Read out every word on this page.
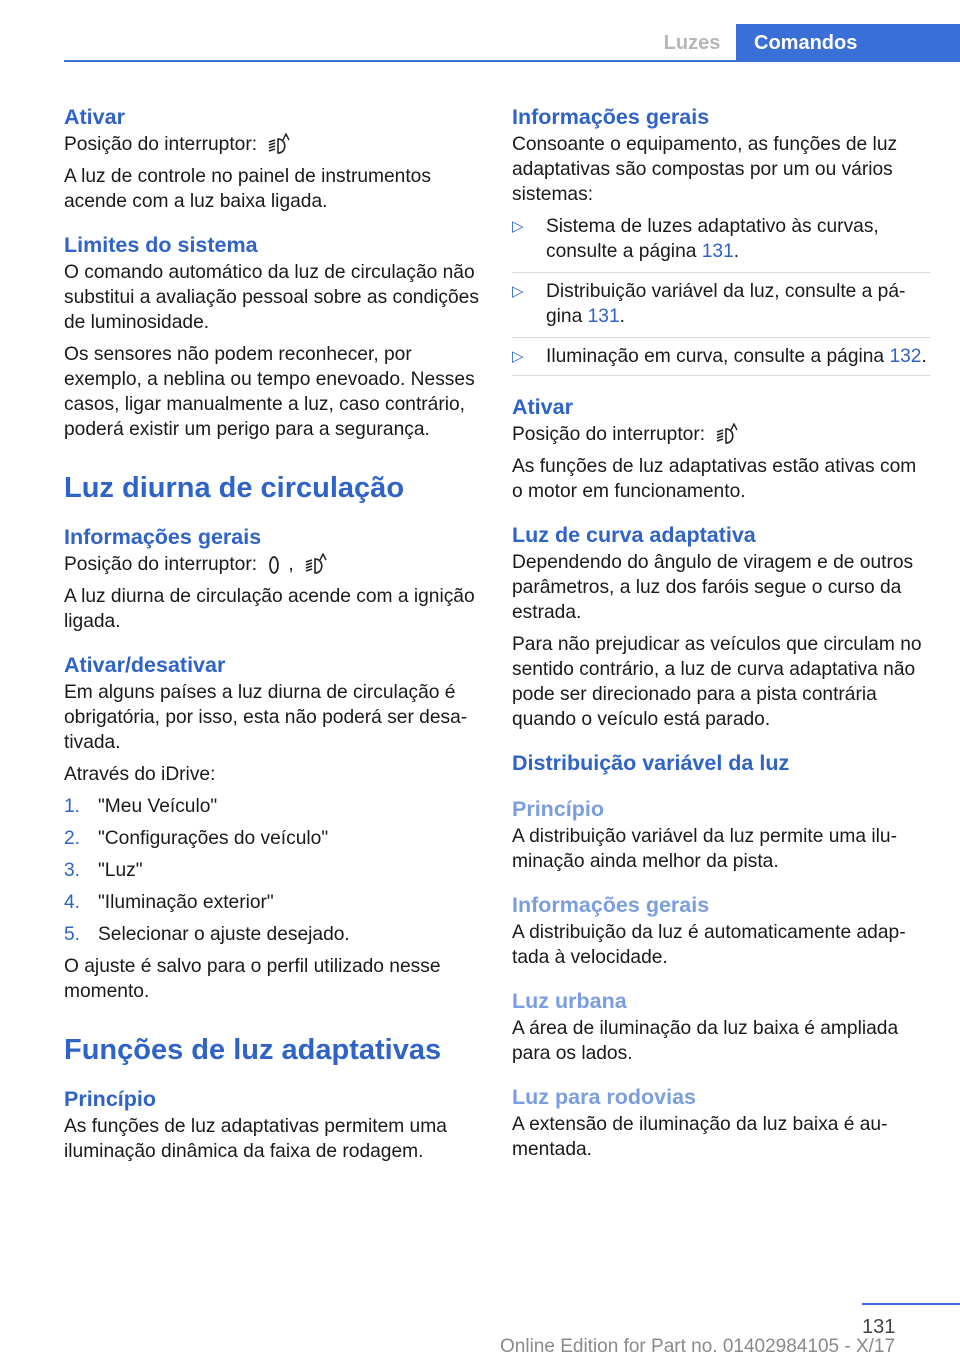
Luzes	Comandos

Ativar

Posição do interruptor:

A luz de controle no painel de instrumentos acende com a luz baixa ligada.

Limites do sistema

O comando automático da luz de circulação não substitui a avaliação pessoal sobre as condições de luminosidade.

Os sensores não podem reconhecer, por exemplo, a neblina ou tempo enevoado. Nesses casos, ligar manualmente a luz, caso contrário, poderá existir um perigo para a segurança.

Luz diurna de circulação

Informações gerais

Posição do interruptor: ,

A luz diurna de circulação acende com a ignição ligada.

Ativar/desativar

Em alguns países a luz diurna de circulação é obrigatória, por isso, esta não poderá ser desativada.

Através do iDrive:

1. "Meu Veículo"
2. "Configurações do veículo"
3. "Luz"
4. "Iluminação exterior"
5. Selecionar o ajuste desejado.

O ajuste é salvo para o perfil utilizado nesse momento.

Funções de luz adaptativas

Princípio

As funções de luz adaptativas permitem uma iluminação dinâmica da faixa de rodagem.

Informações gerais

Consoante o equipamento, as funções de luz adaptativas são compostas por um ou vários sistemas:

▷ Sistema de luzes adaptativo às curvas, consulte a página 131.
▷ Distribuição variável da luz, consulte a página 131.
▷ Iluminação em curva, consulte a página 132.

Ativar

Posição do interruptor:

As funções de luz adaptativas estão ativas com o motor em funcionamento.

Luz de curva adaptativa

Dependendo do ângulo de viragem e de outros parâmetros, a luz dos faróis segue o curso da estrada.

Para não prejudicar as veículos que circulam no sentido contrário, a luz de curva adaptativa não pode ser direcionado para a pista contrária quando o veículo está parado.

Distribuição variável da luz

Princípio

A distribuição variável da luz permite uma iluminação ainda melhor da pista.

Informações gerais

A distribuição da luz é automaticamente adaptada à velocidade.

Luz urbana

A área de iluminação da luz baixa é ampliada para os lados.

Luz para rodovias

A extensão de iluminação da luz baixa é aumentada.

131
Online Edition for Part no. 01402984105 - X/17
